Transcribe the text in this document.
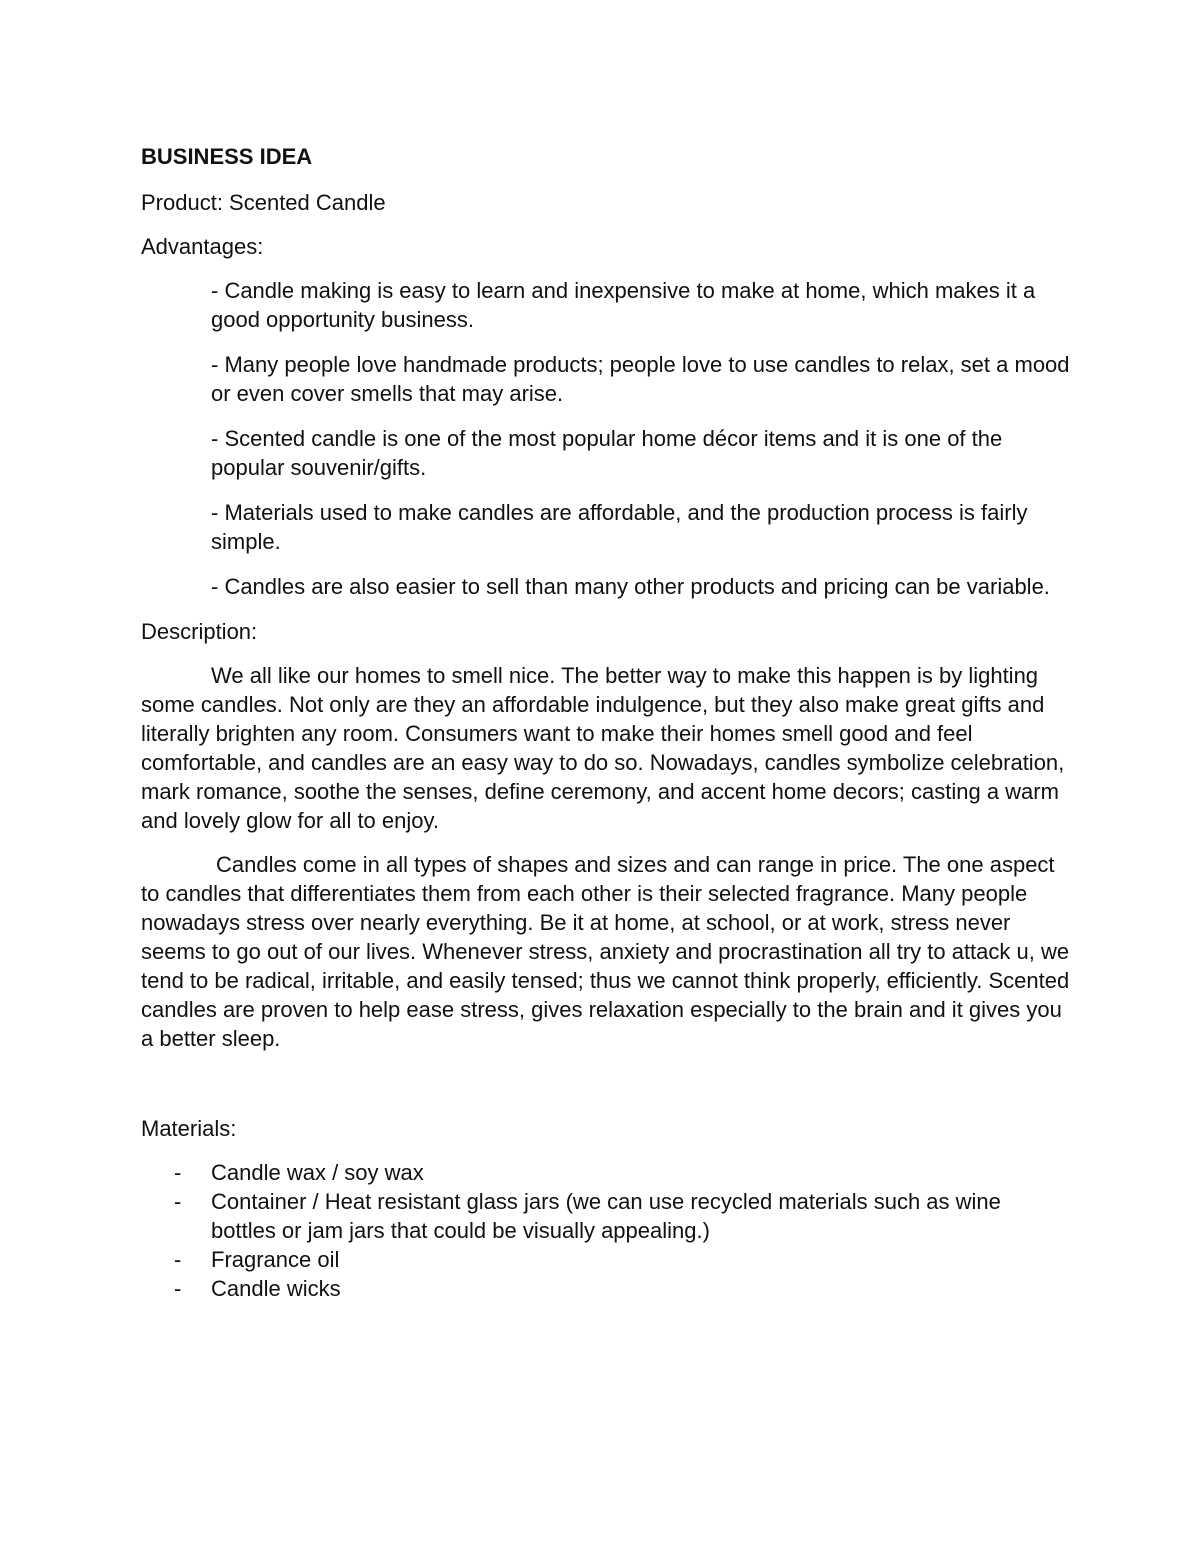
BUSINESS IDEA
Product: Scented Candle
Advantages:
- Candle making is easy to learn and inexpensive to make at home, which makes it a good opportunity business.
- Many people love handmade products; people love to use candles to relax, set a mood or even cover smells that may arise.
- Scented candle is one of the most popular home décor items and it is one of the popular souvenir/gifts.
- Materials used to make candles are affordable, and the production process is fairly simple.
- Candles are also easier to sell than many other products and pricing can be variable.
Description:

We all like our homes to smell nice. The better way to make this happen is by lighting some candles. Not only are they an affordable indulgence, but they also make great gifts and literally brighten any room. Consumers want to make their homes smell good and feel comfortable, and candles are an easy way to do so. Nowadays, candles symbolize celebration, mark romance, soothe the senses, define ceremony, and accent home decors; casting a warm and lovely glow for all to enjoy.

Candles come in all types of shapes and sizes and can range in price. The one aspect to candles that differentiates them from each other is their selected fragrance. Many people nowadays stress over nearly everything. Be it at home, at school, or at work, stress never seems to go out of our lives. Whenever stress, anxiety and procrastination all try to attack u, we tend to be radical, irritable, and easily tensed; thus we cannot think properly, efficiently. Scented candles are proven to help ease stress, gives relaxation especially to the brain and it gives you a better sleep.

Materials:
- Candle wax / soy wax
- Container / Heat resistant glass jars (we can use recycled materials such as wine bottles or jam jars that could be visually appealing.)
- Fragrance oil
- Candle wicks
